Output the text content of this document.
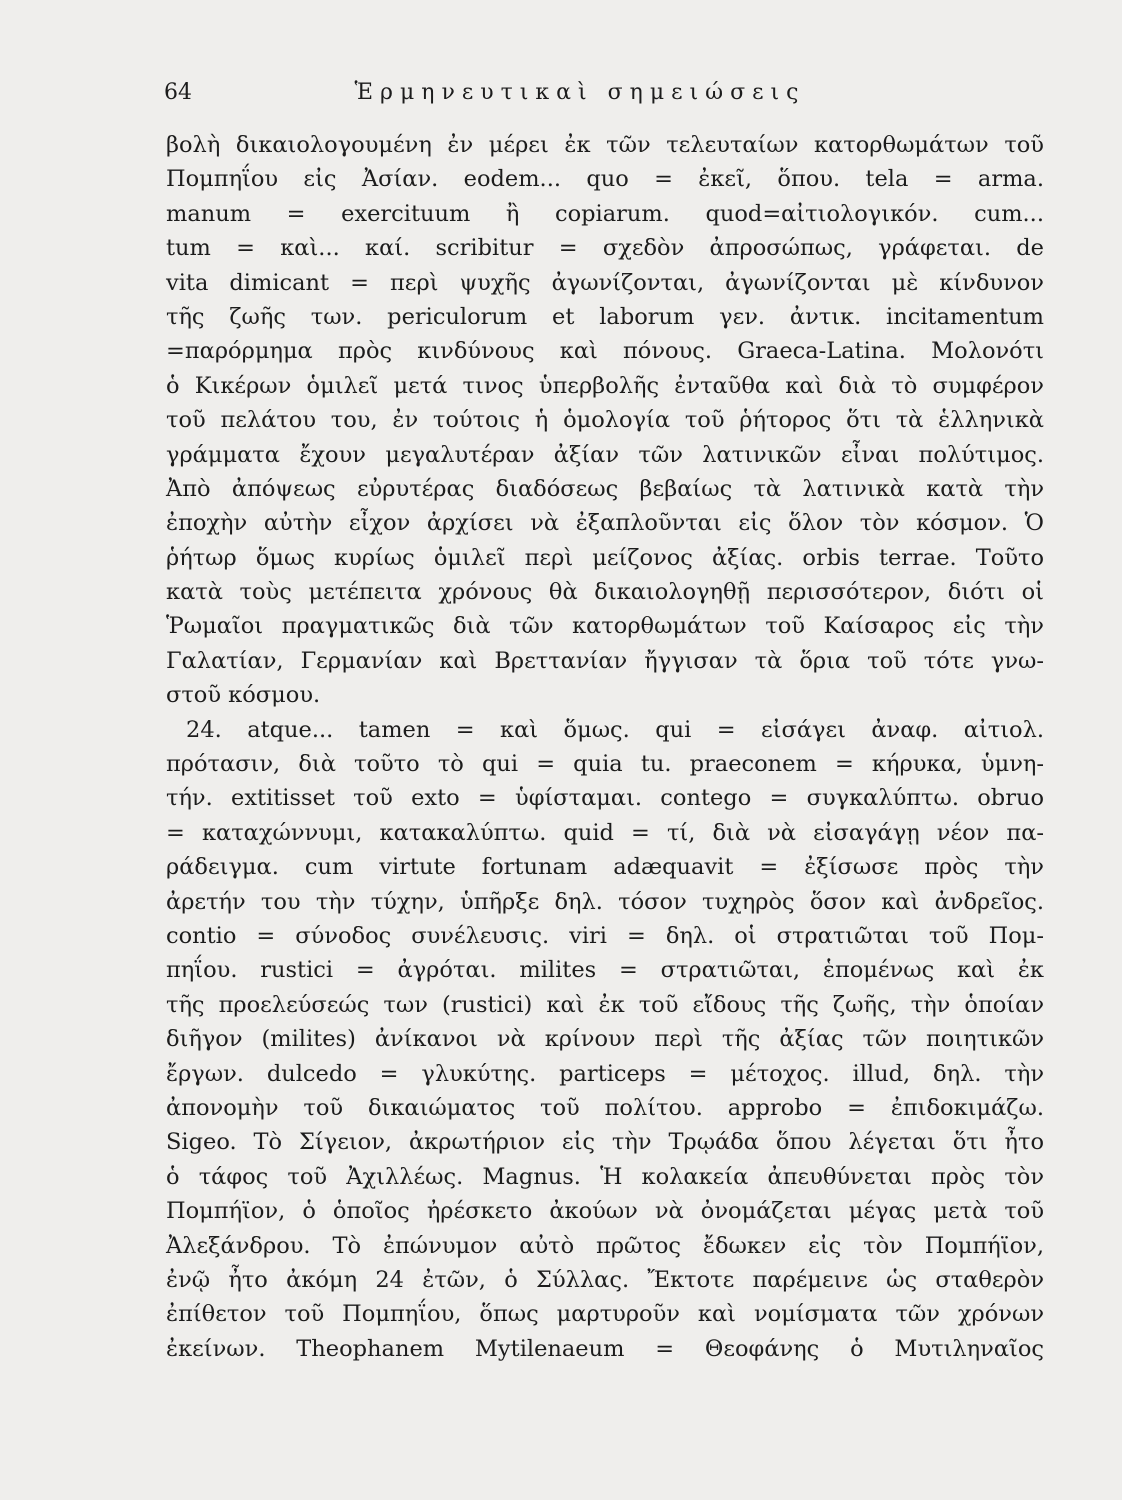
64	Ἑρμηνευτικαὶ σημειώσεις
βολὴ δικαιολογουμένη ἐν μέρει ἐκ τῶν τελευταίων κατορθωμάτων τοῦ
Πομπηΐου εἰς Ἀσίαν. eodem... quo = ἐκεῖ, ὅπου. tela = arma.
manum = exercituum ἢ copiarum. quod=αἰτιολογικόν. cum...
tum = καὶ... καί. scribitur = σχεδὸν ἀπροσώπως, γράφεται. de
vita dimicant = περὶ ψυχῆς ἀγωνίζονται, ἀγωνίζονται μὲ κίνδυνον
τῆς ζωῆς των. periculorum et laborum γεν. ἀντικ. incitamentum
=παρόρμημα πρὸς κινδύνους καὶ πόνους. Graeca-Latina. Μολονότι
ὁ Κικέρων ὁμιλεῖ μετά τινος ὑπερβολῆς ἐνταῦθα καὶ διὰ τὸ συμφέρον
τοῦ πελάτου του, ἐν τούτοις ἡ ὁμολογία τοῦ ῥήτορος ὅτι τὰ ἑλληνικὰ
γράμματα ἔχουν μεγαλυτέραν ἀξίαν τῶν λατινικῶν εἶναι πολύτιμος.
Ἀπὸ ἀπόψεως εὐρυτέρας διαδόσεως βεβαίως τὰ λατινικὰ κατὰ τὴν
ἐποχὴν αὐτὴν εἶχον ἀρχίσει νὰ ἐξαπλοῦνται εἰς ὅλον τὸν κόσμον. Ὁ
ῥήτωρ ὅμως κυρίως ὁμιλεῖ περὶ μείζονος ἀξίας. orbis terrae. Τοῦτο
κατὰ τοὺς μετέπειτα χρόνους θὰ δικαιολογηθῇ περισσότερον, διότι οἱ
Ῥωμαῖοι πραγματικῶς διὰ τῶν κατορθωμάτων τοῦ Καίσαρος εἰς τὴν
Γαλατίαν, Γερμανίαν καὶ Βρεττανίαν ἤγγισαν τὰ ὅρια τοῦ τότε γνω-
στοῦ κόσμου.
24. atque... tamen = καὶ ὅμως. qui = εἰσάγει ἀναφ. αἰτιολ.
πρότασιν, διὰ τοῦτο τὸ qui = quia tu. praeconem = κήρυκα, ὑμνη-
τήν. extitisset τοῦ exto = ὑφίσταμαι. contego = συγκαλύπτω. obruo
= καταχώννυμι, κατακαλύπτω. quid = τί, διὰ νὰ εἰσαγάγῃ νέον πα-
ράδειγμα. cum virtute fortunam adæquavit = ἐξίσωσε πρὸς τὴν
ἀρετήν του τὴν τύχην, ὑπῆρξε δηλ. τόσον τυχηρὸς ὅσον καὶ ἀνδρεῖος.
contio = σύνοδος συνέλευσις. viri = δηλ. οἱ στρατιῶται τοῦ Πομ-
πηΐου. rustici = ἀγρόται. milites = στρατιῶται, ἑπομένως καὶ ἐκ
τῆς προελεύσεώς των (rustici) καὶ ἐκ τοῦ εἴδους τῆς ζωῆς, τὴν ὁποίαν
διῆγον (milites) ἀνίκανοι νὰ κρίνουν περὶ τῆς ἀξίας τῶν ποιητικῶν
ἔργων. dulcedo = γλυκύτης. particeps = μέτοχος. illud, δηλ. τὴν
ἀπονομὴν τοῦ δικαιώματος τοῦ πολίτου. approbo = ἐπιδοκιμάζω.
Sigeo. Τὸ Σίγειον, ἀκρωτήριον εἰς τὴν Τρῳάδα ὅπου λέγεται ὅτι ἦτο
ὁ τάφος τοῦ Ἀχιλλέως. Magnus. Ἡ κολακεία ἀπευθύνεται πρὸς τὸν
Πομπήϊον, ὁ ὁποῖος ἠρέσκετο ἀκούων νὰ ὀνομάζεται μέγας μετὰ τοῦ
Ἀλεξάνδρου. Τὸ ἐπώνυμον αὐτὸ πρῶτος ἔδωκεν εἰς τὸν Πομπήϊον,
ἐνῷ ἦτο ἀκόμη 24 ἐτῶν, ὁ Σύλλας. Ἔκτοτε παρέμεινε ὡς σταθερὸν
ἐπίθετον τοῦ Πομπηΐου, ὅπως μαρτυροῦν καὶ νομίσματα τῶν χρόνων
ἐκείνων. Theophanem Mytilenaeum = Θεοφάνης ὁ Μυτιληναῖος
